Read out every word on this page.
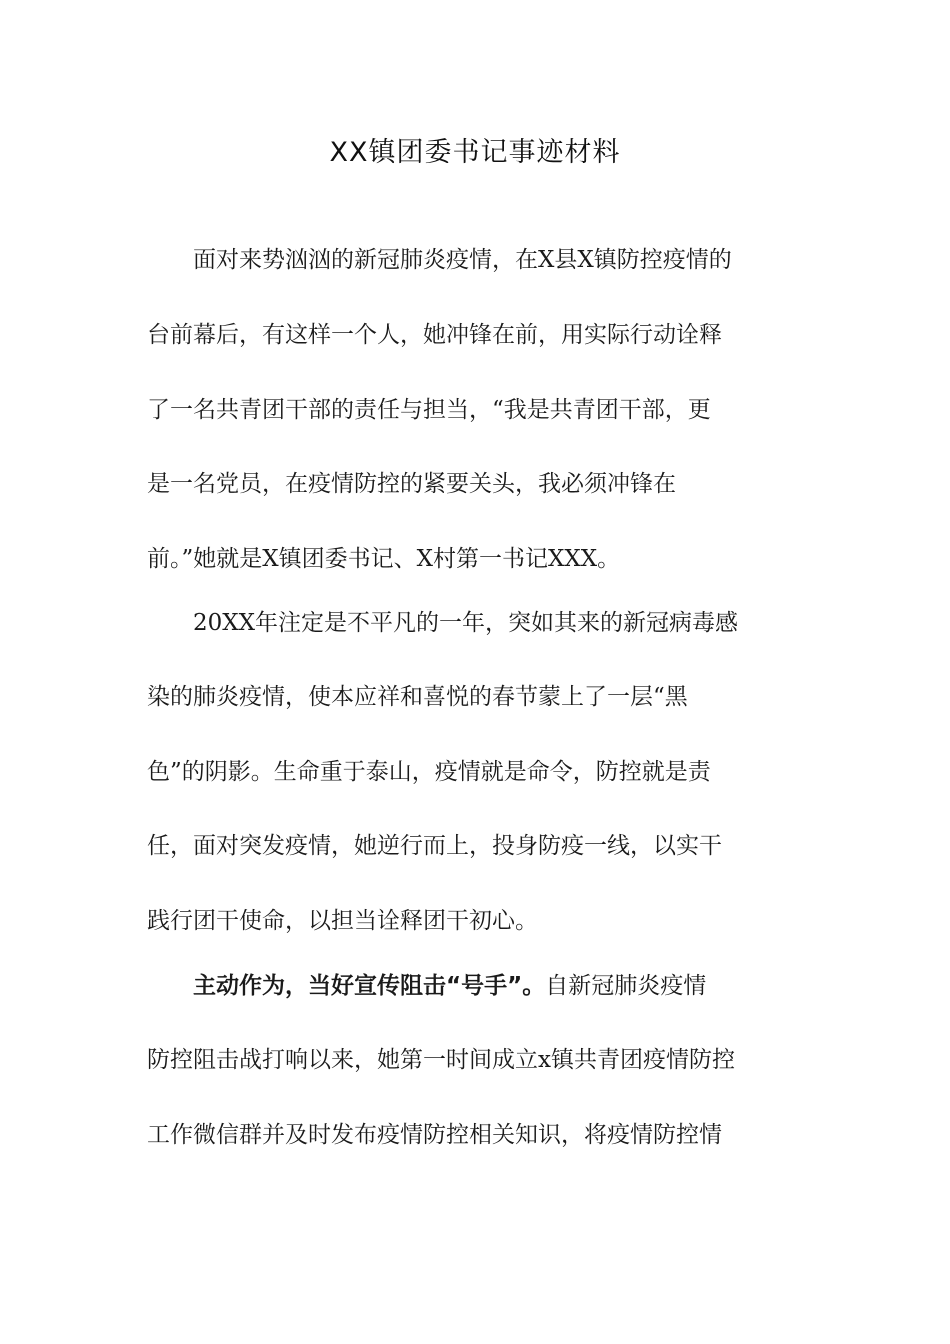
XX镇团委书记事迹材料
　　面对来势汹汹的新冠肺炎疫情，在X县X镇防控疫情的
台前幕后，有这样一个人，她冲锋在前，用实际行动诠释
了一名共青团干部的责任与担当，“我是共青团干部，更
是一名党员，在疫情防控的紧要关头，我必须冲锋在
前。”她就是X镇团委书记、X村第一书记XXX。
　　20XX年注定是不平凡的一年，突如其来的新冠病毒感
染的肺炎疫情，使本应祥和喜悦的春节蒙上了一层“黑
色”的阴影。生命重于泰山，疫情就是命令，防控就是责
任，面对突发疫情，她逆行而上，投身防疫一线，以实干
践行团干使命，以担当诠释团干初心。
　　主动作为，当好宣传阻击“号手”。自新冠肺炎疫情
防控阻击战打响以来，她第一时间成立x镇共青团疫情防控
工作微信群并及时发布疫情防控相关知识，将疫情防控情
